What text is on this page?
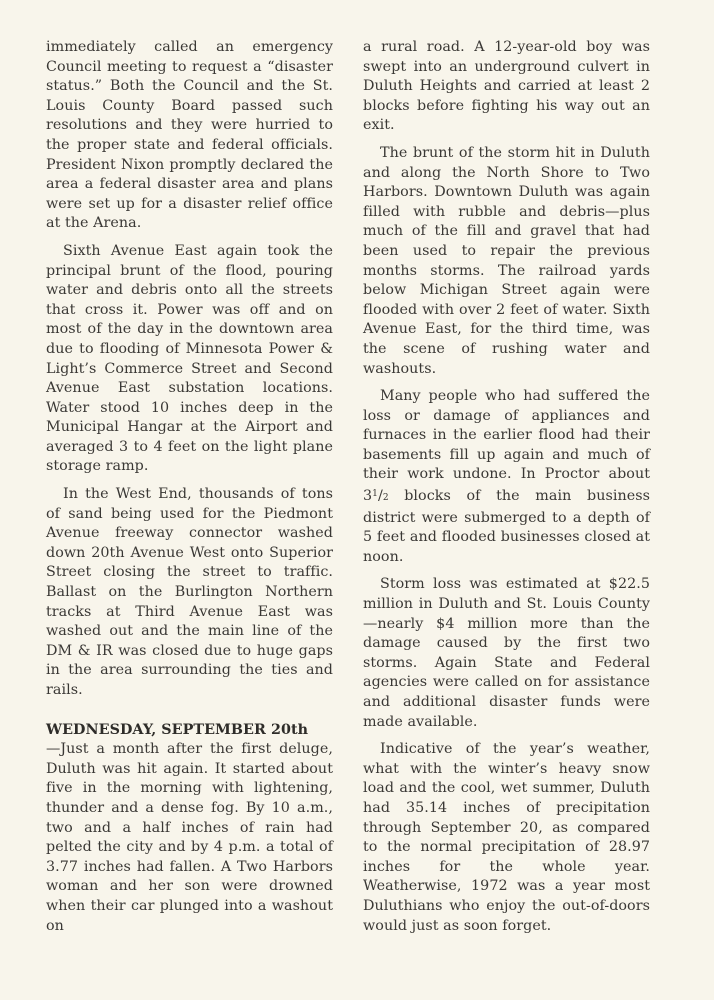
immediately called an emergency Council meeting to request a “disaster status.” Both the Council and the St. Louis County Board passed such resolutions and they were hurried to the proper state and federal officials. President Nixon promptly declared the area a federal disaster area and plans were set up for a disaster relief office at the Arena.

Sixth Avenue East again took the principal brunt of the flood, pouring water and debris onto all the streets that cross it. Power was off and on most of the day in the downtown area due to flooding of Minnesota Power & Light’s Commerce Street and Second Avenue East substation locations. Water stood 10 inches deep in the Municipal Hangar at the Airport and averaged 3 to 4 feet on the light plane storage ramp.

In the West End, thousands of tons of sand being used for the Piedmont Avenue freeway connector washed down 20th Avenue West onto Superior Street closing the street to traffic. Ballast on the Burlington Northern tracks at Third Avenue East was washed out and the main line of the DM & IR was closed due to huge gaps in the area surrounding the ties and rails.

WEDNESDAY, SEPTEMBER 20th
—Just a month after the first deluge, Duluth was hit again. It started about five in the morning with lightening, thunder and a dense fog. By 10 a.m., two and a half inches of rain had pelted the city and by 4 p.m. a total of 3.77 inches had fallen. A Two Harbors woman and her son were drowned when their car plunged into a washout on

a rural road. A 12-year-old boy was swept into an underground culvert in Duluth Heights and carried at least 2 blocks before fighting his way out an exit.

The brunt of the storm hit in Duluth and along the North Shore to Two Harbors. Downtown Duluth was again filled with rubble and debris—plus much of the fill and gravel that had been used to repair the previous months storms. The railroad yards below Michigan Street again were flooded with over 2 feet of water. Sixth Avenue East, for the third time, was the scene of rushing water and washouts.

Many people who had suffered the loss or damage of appliances and furnaces in the earlier flood had their basements fill up again and much of their work undone. In Proctor about $3^1/2$ blocks of the main business district were submerged to a depth of 5 feet and flooded businesses closed at noon.

Storm loss was estimated at $22.5 million in Duluth and St. Louis County—nearly $4 million more than the damage caused by the first two storms. Again State and Federal agencies were called on for assistance and additional disaster funds were made available.

Indicative of the year’s weather, what with the winter’s heavy snow load and the cool, wet summer, Duluth had 35.14 inches of precipitation through September 20, as compared to the normal precipitation of 28.97 inches for the whole year. Weatherwise, 1972 was a year most Duluthians who enjoy the out-of-doors would just as soon forget.
